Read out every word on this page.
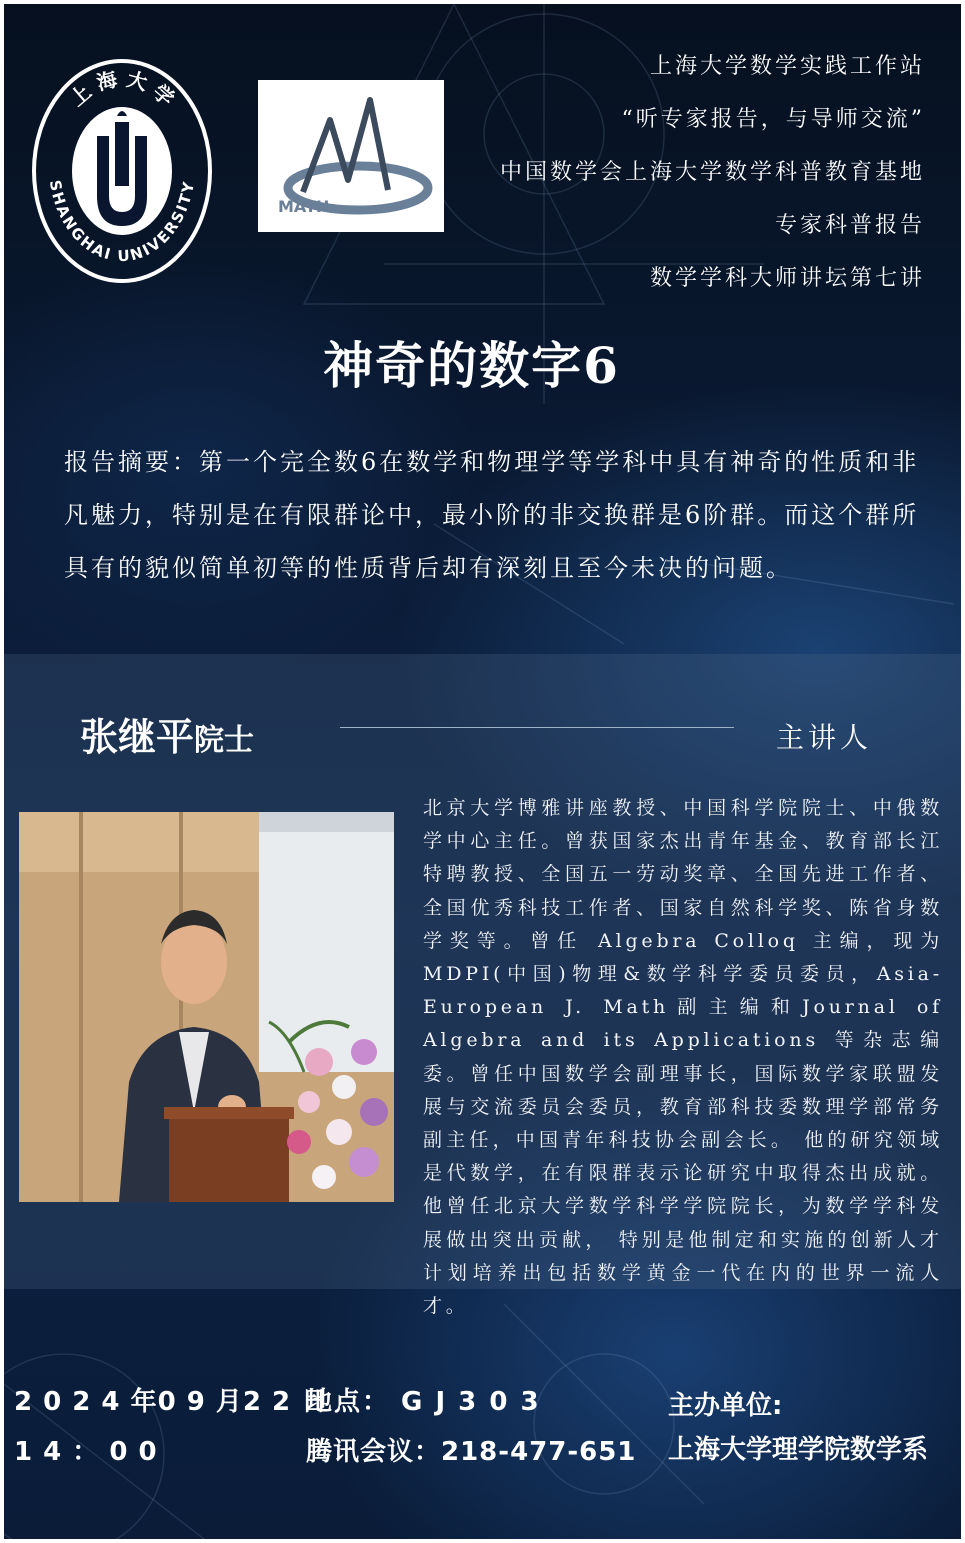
上 海 大 学
SHANGHAI UNIVERSITY
MATH
上海大学数学实践工作站
“听专家报告，与导师交流”
中国数学会上海大学数学科普教育基地
专家科普报告
数学学科大师讲坛第七讲
神奇的数字6
报告摘要：第一个完全数6在数学和物理学等学科中具有神奇的性质和非凡魅力，特别是在有限群论中，最小阶的非交换群是6阶群。而这个群所具有的貌似简单初等的性质背后却有深刻且至今未决的问题。
张继平院士	主讲人
北京大学博雅讲座教授、中国科学院院士、中俄数学中心主任。曾获国家杰出青年基金、教育部长江特聘教授、全国五一劳动奖章、全国先进工作者、全国优秀科技工作者、国家自然科学奖、陈省身数学奖等。曾任 Algebra Colloq 主编，现为MDPI(中国)物理&数学科学委员委员，Asia-European J. Math副主编和Journal of Algebra and its Applications 等杂志编委。曾任中国数学会副理事长，国际数学家联盟发展与交流委员会委员，教育部科技委数理学部常务副主任，中国青年科技协会副会长。 他的研究领域是代数学，在有限群表示论研究中取得杰出成就。他曾任北京大学数学科学学院院长，为数学学科发展做出突出贡献， 特别是他制定和实施的创新人才计划培养出包括数学黄金一代在内的世界一流人才。
2 0 2 4 年0 9 月2 2 日
1 4 ： 0 0
地点： G J 3 0 3
腾讯会议：218-477-651
主办单位:
上海大学理学院数学系
